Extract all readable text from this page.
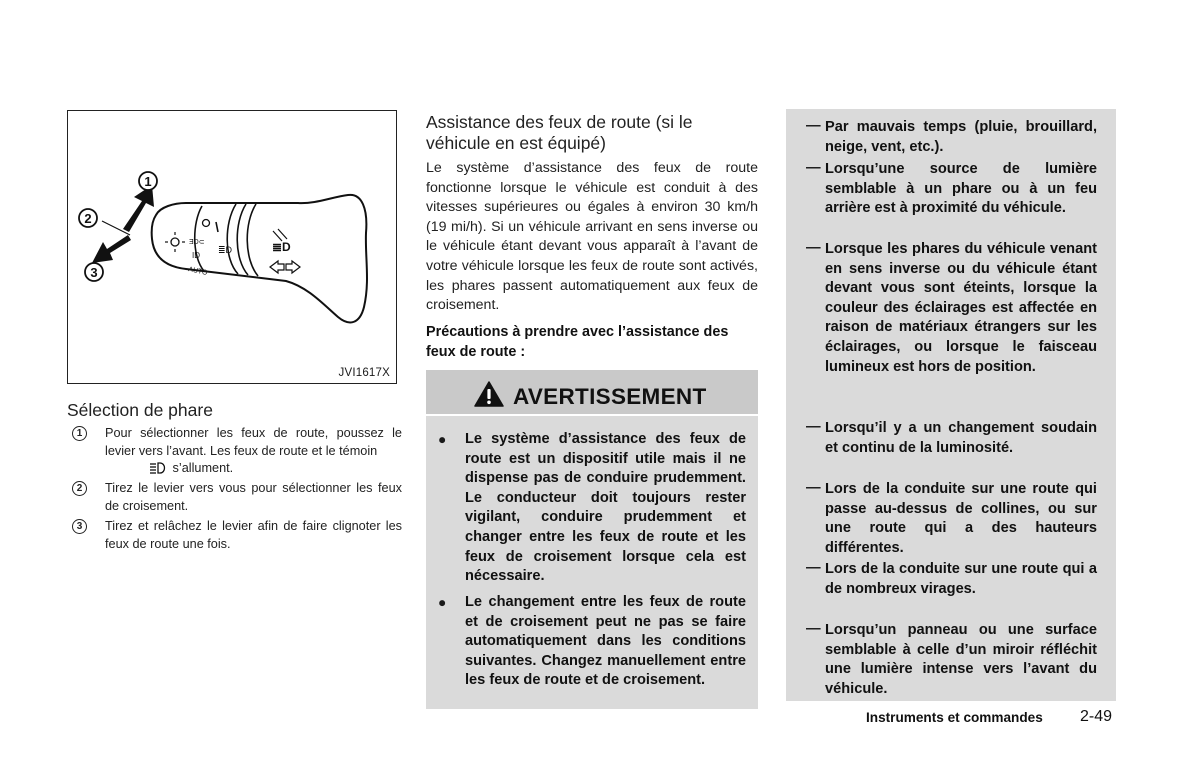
ƎD⊂
≣D
ID
AUTO
≣D
1
2
3
JVI1617X
Sélection de phare
1	Pour sélectionner les feux de route, poussez le levier vers l’avant. Les feux de route et le témoin
s’allument.
2	Tirez le levier vers vous pour sélectionner les feux de croisement.
3	Tirez et relâchez le levier afin de faire clignoter les feux de route une fois.
Assistance des feux de route (si le véhicule en est équipé)
Le système d’assistance des feux de route fonctionne lorsque le véhicule est conduit à des vitesses supérieures ou égales à environ 30 km/h (19 mi/h). Si un véhicule arrivant en sens inverse ou le véhicule étant devant vous apparaît à l’avant de votre véhicule lorsque les feux de route sont activés, les phares passent automatiquement aux feux de croisement.
Précautions à prendre avec l’assistance des feux de route :
AVERTISSEMENT
● Le système d’assistance des feux de route est un dispositif utile mais il ne dispense pas de conduire prudemment. Le conducteur doit toujours rester vigilant, conduire prudemment et changer entre les feux de route et les feux de croisement lorsque cela est nécessaire.
● Le changement entre les feux de route et de croisement peut ne pas se faire automatiquement dans les conditions suivantes. Changez manuellement entre les feux de route et de croisement.
— Par mauvais temps (pluie, brouillard, neige, vent, etc.).
— Lorsqu’une source de lumière semblable à un phare ou à un feu arrière est à proximité du véhicule.
— Lorsque les phares du véhicule venant en sens inverse ou du véhicule étant devant vous sont éteints, lorsque la couleur des éclairages est affectée en raison de matériaux étrangers sur les éclairages, ou lorsque le faisceau lumineux est hors de position.
— Lorsqu’il y a un changement soudain et continu de la luminosité.
— Lors de la conduite sur une route qui passe au-dessus de collines, ou sur une route qui a des hauteurs différentes.
— Lors de la conduite sur une route qui a de nombreux virages.
— Lorsqu’un panneau ou une surface semblable à celle d’un miroir réfléchit une lumière intense vers l’avant du véhicule.
Instruments et commandes 2-49
